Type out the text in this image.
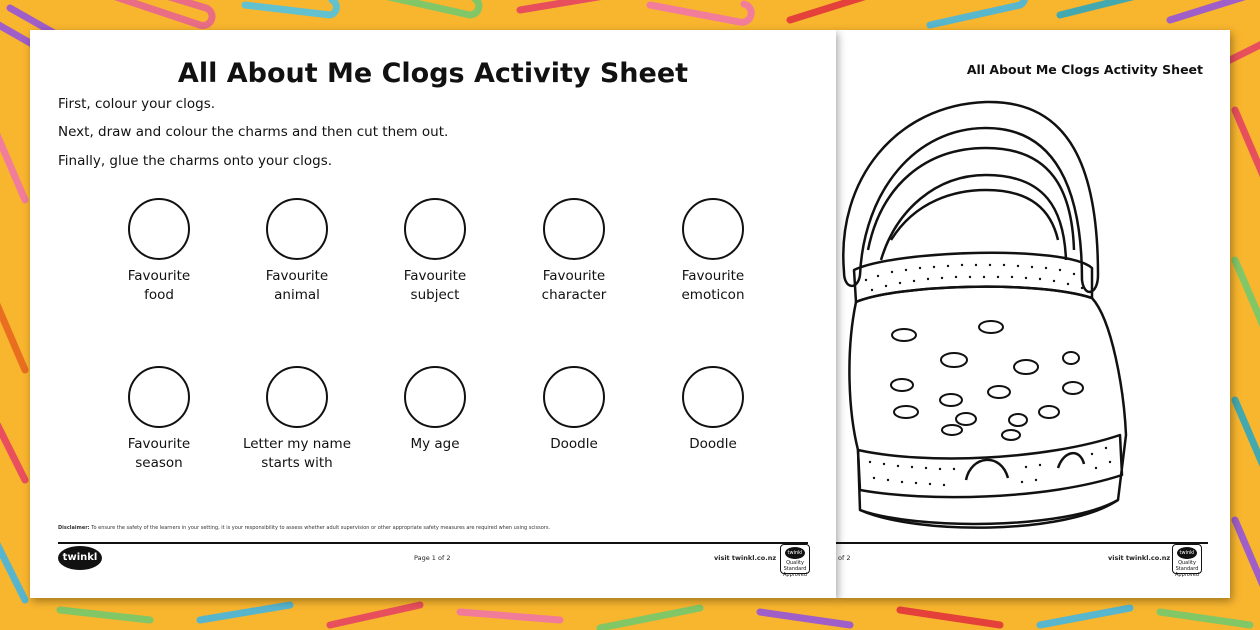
All About Me Clogs Activity Sheet
of 2	visit twinkl.co.nz
twinkl
Quality Standard Approved
All About Me Clogs Activity Sheet
First, colour your clogs.
Next, draw and colour the charms and then cut them out.
Finally, glue the charms onto your clogs.
Favourite
food
Favourite
animal
Favourite
subject
Favourite
character
Favourite
emoticon
Favourite
season
Letter my name
starts with
My age	Doodle	Doodle
Disclaimer: To ensure the safety of the learners in your setting, it is your responsibility to assess whether adult supervision or other appropriate safety measures are required when using scissors.
twinkl	Page 1 of 2	visit twinkl.co.nz
twinkl
Quality Standard Approved
